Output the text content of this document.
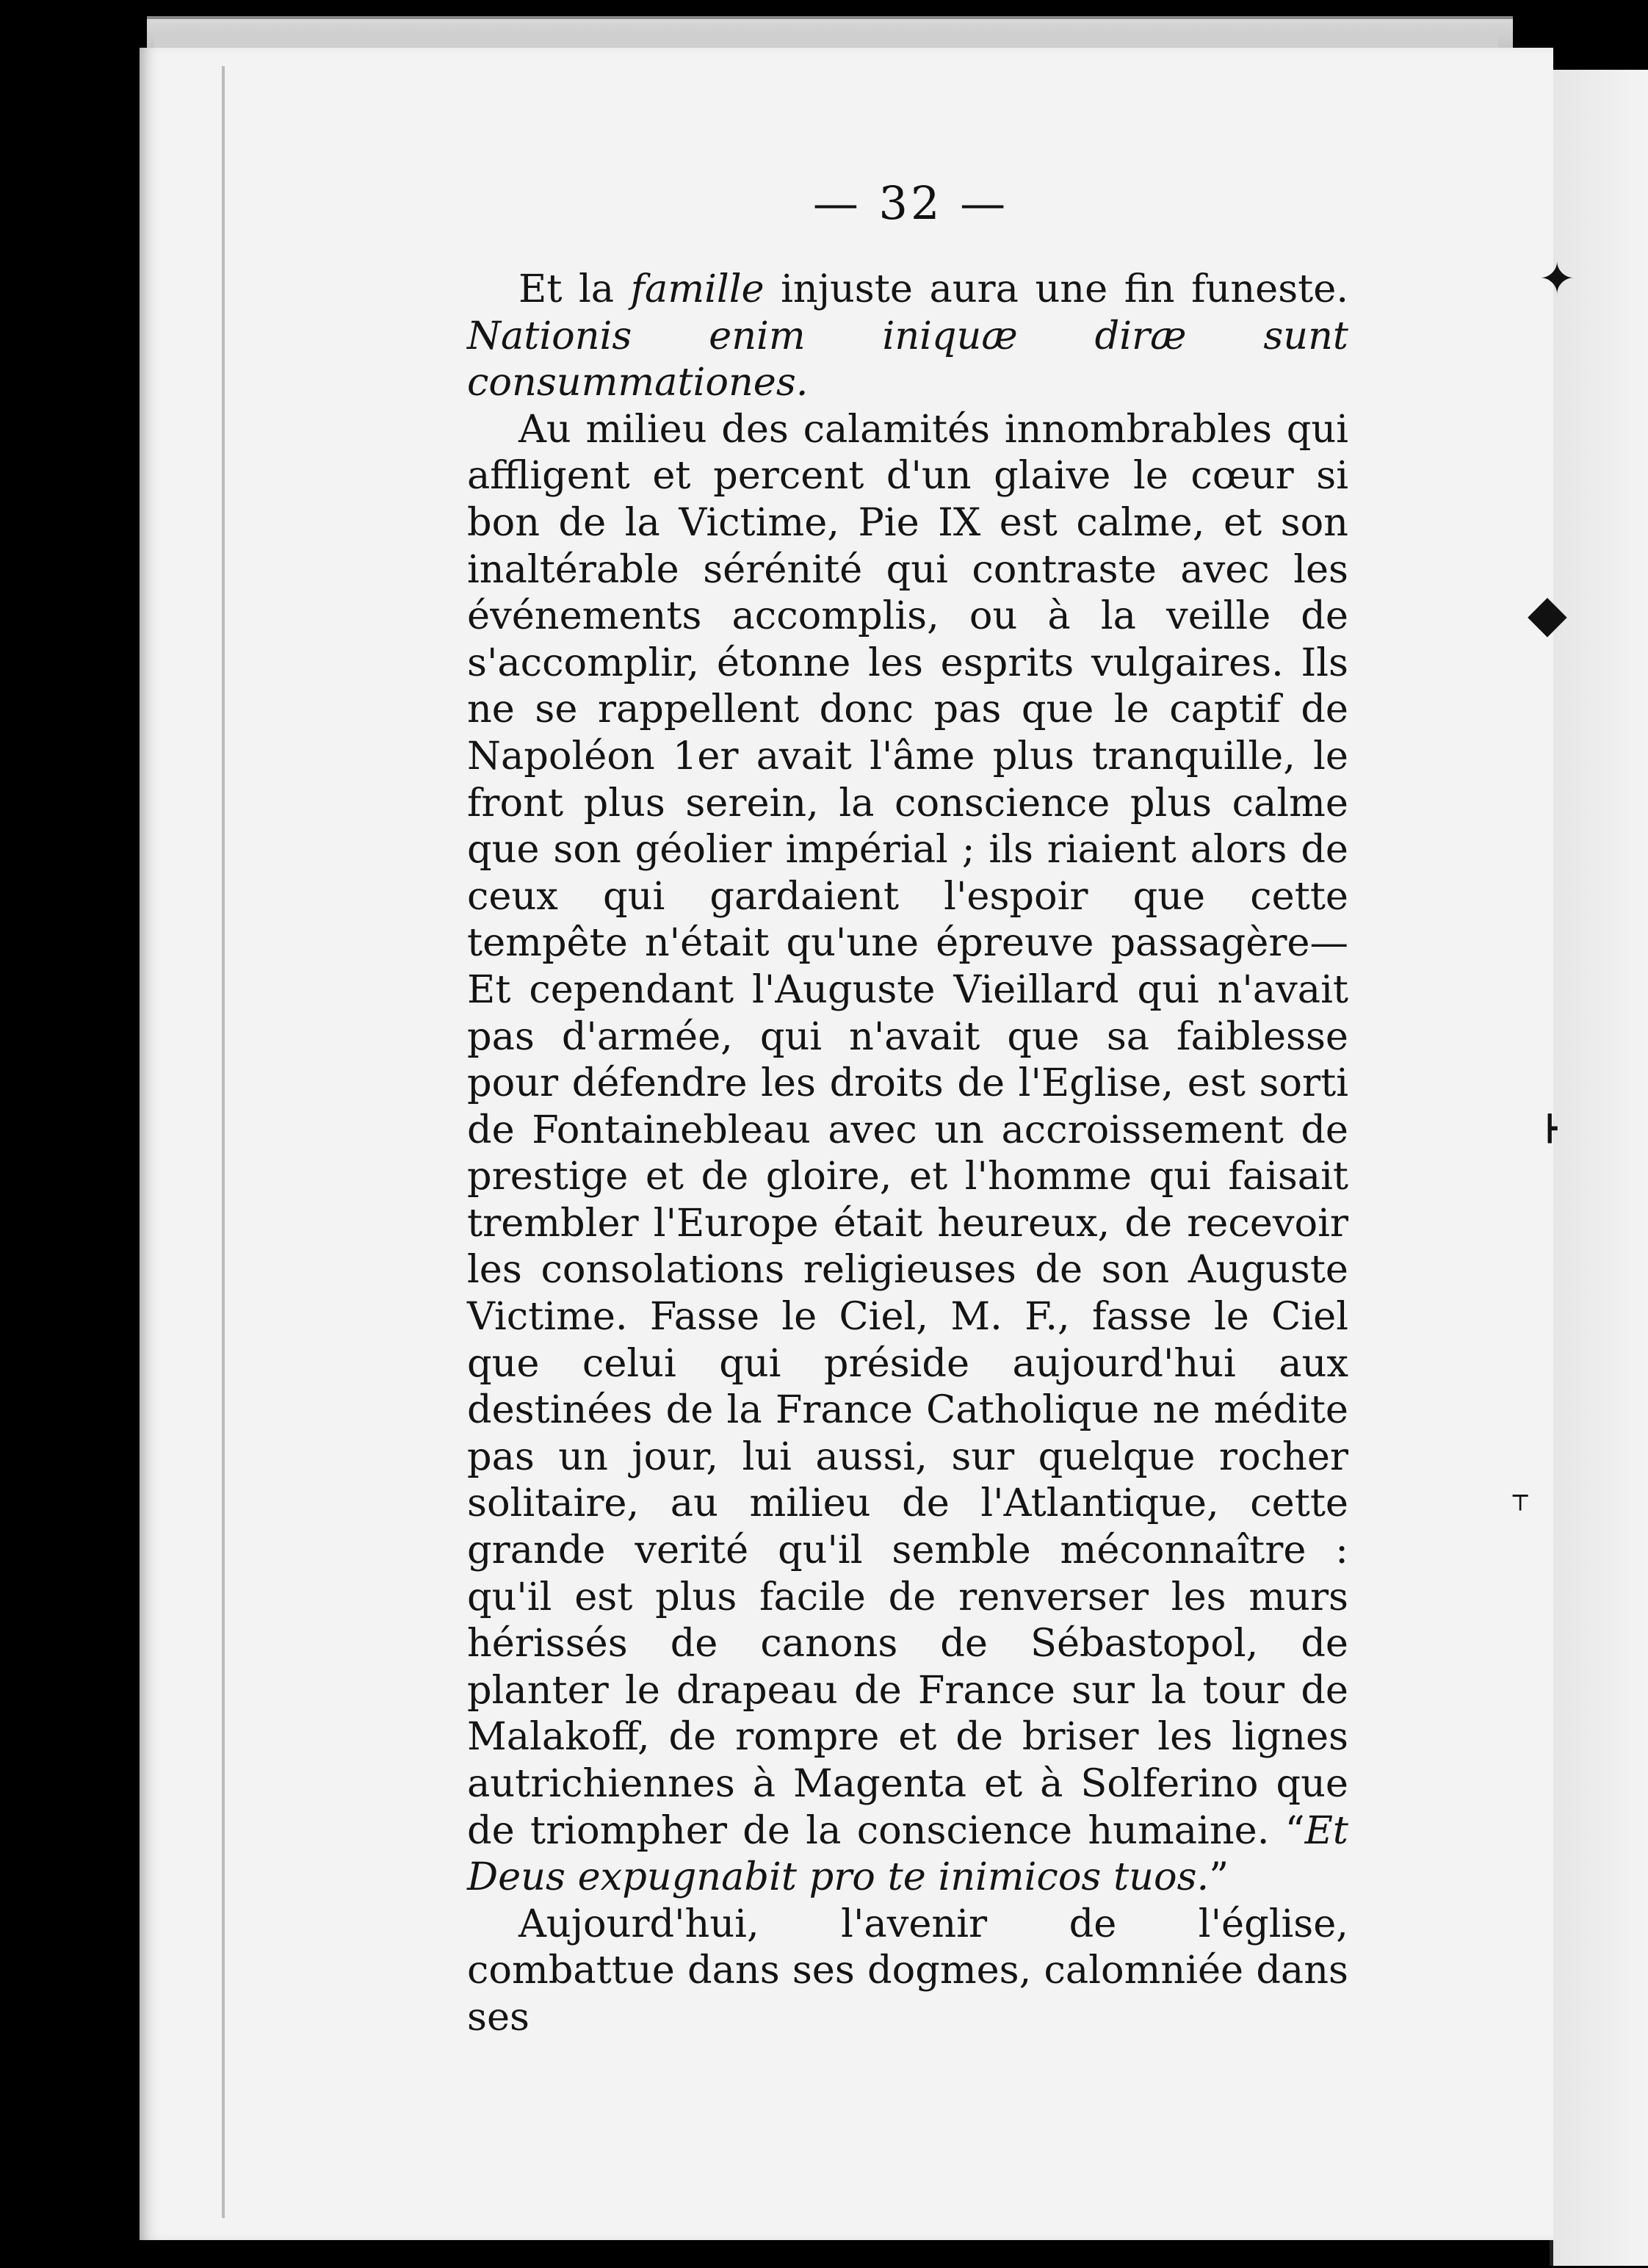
✦
◆
┣
┬
— 32 —

Et la famille injuste aura une fin funeste. Nationis enim iniquæ diræ sunt consummationes.

Au milieu des calamités innombrables qui affligent et percent d'un glaive le cœur si bon de la Victime, Pie IX est calme, et son inaltérable sérénité qui contraste avec les événements accomplis, ou à la veille de s'accomplir, étonne les esprits vulgaires. Ils ne se rappellent donc pas que le captif de Napoléon 1er avait l'âme plus tranquille, le front plus serein, la conscience plus calme que son géolier impérial ; ils riaient alors de ceux qui gardaient l'espoir que cette tempête n'était qu'une épreuve passagère—Et cependant l'Auguste Vieillard qui n'avait pas d'armée, qui n'avait que sa faiblesse pour défendre les droits de l'Eglise, est sorti de Fontainebleau avec un accroissement de prestige et de gloire, et l'homme qui faisait trembler l'Europe était heureux, de recevoir les consolations religieuses de son Auguste Victime. Fasse le Ciel, M. F., fasse le Ciel que celui qui préside aujourd'hui aux destinées de la France Catholique ne médite pas un jour, lui aussi, sur quelque rocher solitaire, au milieu de l'Atlantique, cette grande verité qu'il semble méconnaître : qu'il est plus facile de renverser les murs hérissés de canons de Sébastopol, de planter le drapeau de France sur la tour de Malakoff, de rompre et de briser les lignes autrichiennes à Magenta et à Solferino que de triompher de la conscience humaine. “Et Deus expugnabit pro te inimicos tuos.”

Aujourd'hui, l'avenir de l'église, combattue dans ses dogmes, calomniée dans ses
